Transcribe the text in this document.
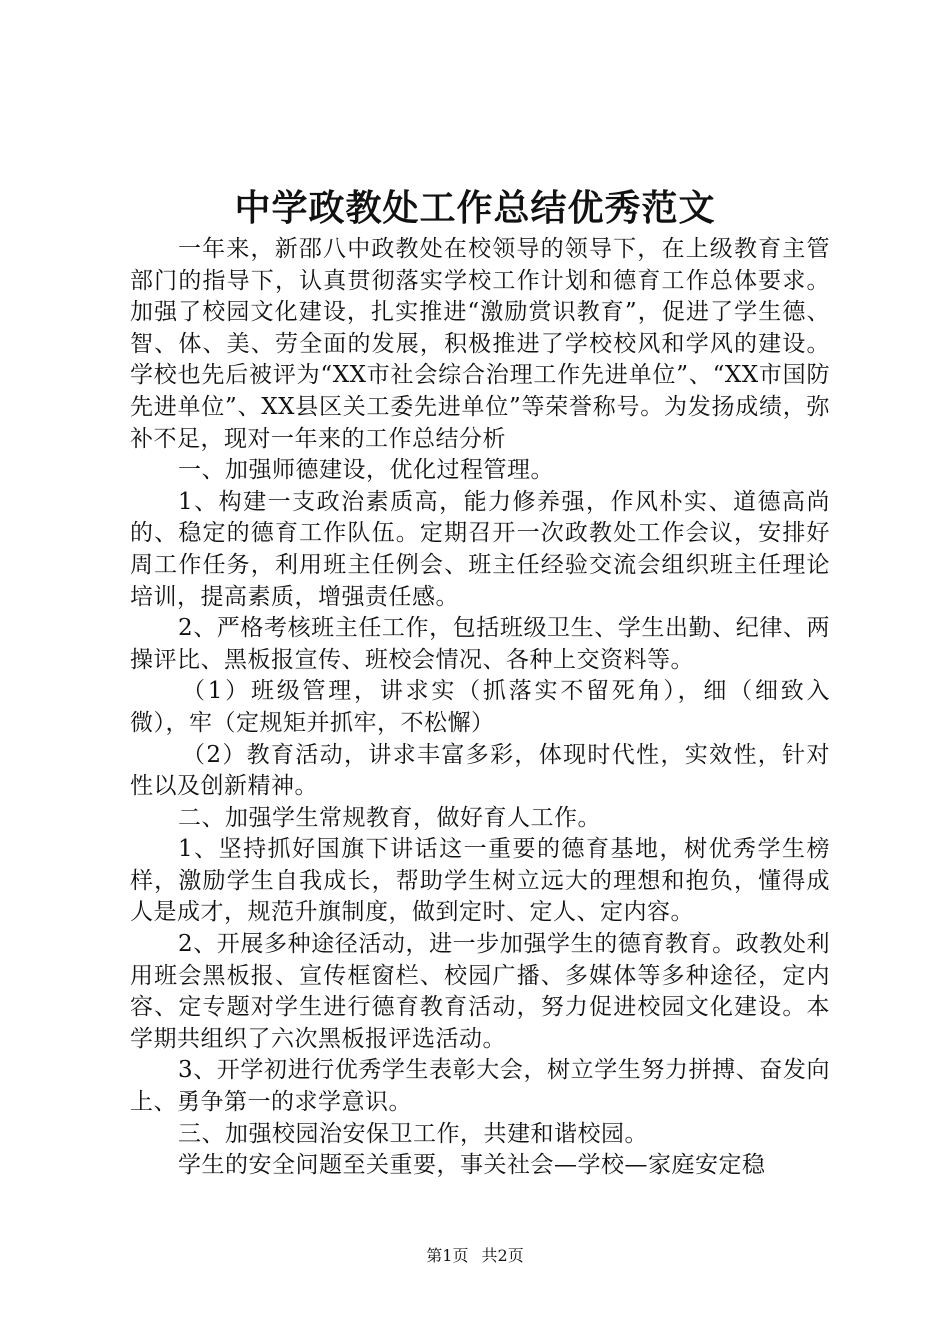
中学政教处工作总结优秀范文

一年来，新邵八中政教处在校领导的领导下，在上级教育主管部门的指导下，认真贯彻落实学校工作计划和德育工作总体要求。加强了校园文化建设，扎实推进“激励赏识教育”，促进了学生德、智、体、美、劳全面的发展，积极推进了学校校风和学风的建设。学校也先后被评为“XX市社会综合治理工作先进单位”、“XX市国防先进单位”、XX县区关工委先进单位”等荣誉称号。为发扬成绩，弥补不足，现对一年来的工作总结分析

一、加强师德建设，优化过程管理。

1、构建一支政治素质高，能力修养强，作风朴实、道德高尚的、稳定的德育工作队伍。定期召开一次政教处工作会议，安排好周工作任务，利用班主任例会、班主任经验交流会组织班主任理论培训，提高素质，增强责任感。

2、严格考核班主任工作，包括班级卫生、学生出勤、纪律、两操评比、黑板报宣传、班校会情况、各种上交资料等。

（1）班级管理，讲求实（抓落实不留死角），细（细致入微），牢（定规矩并抓牢，不松懈）

（2）教育活动，讲求丰富多彩，体现时代性，实效性，针对性以及创新精神。

二、加强学生常规教育，做好育人工作。

1、坚持抓好国旗下讲话这一重要的德育基地，树优秀学生榜样，激励学生自我成长，帮助学生树立远大的理想和抱负，懂得成人是成才，规范升旗制度，做到定时、定人、定内容。

2、开展多种途径活动，进一步加强学生的德育教育。政教处利用班会黑板报、宣传框窗栏、校园广播、多媒体等多种途径，定内容、定专题对学生进行德育教育活动，努力促进校园文化建设。本学期共组织了六次黑板报评选活动。

3、开学初进行优秀学生表彰大会，树立学生努力拼搏、奋发向上、勇争第一的求学意识。

三、加强校园治安保卫工作，共建和谐校园。

学生的安全问题至关重要，事关社会—学校—家庭安定稳

第1页 共2页
